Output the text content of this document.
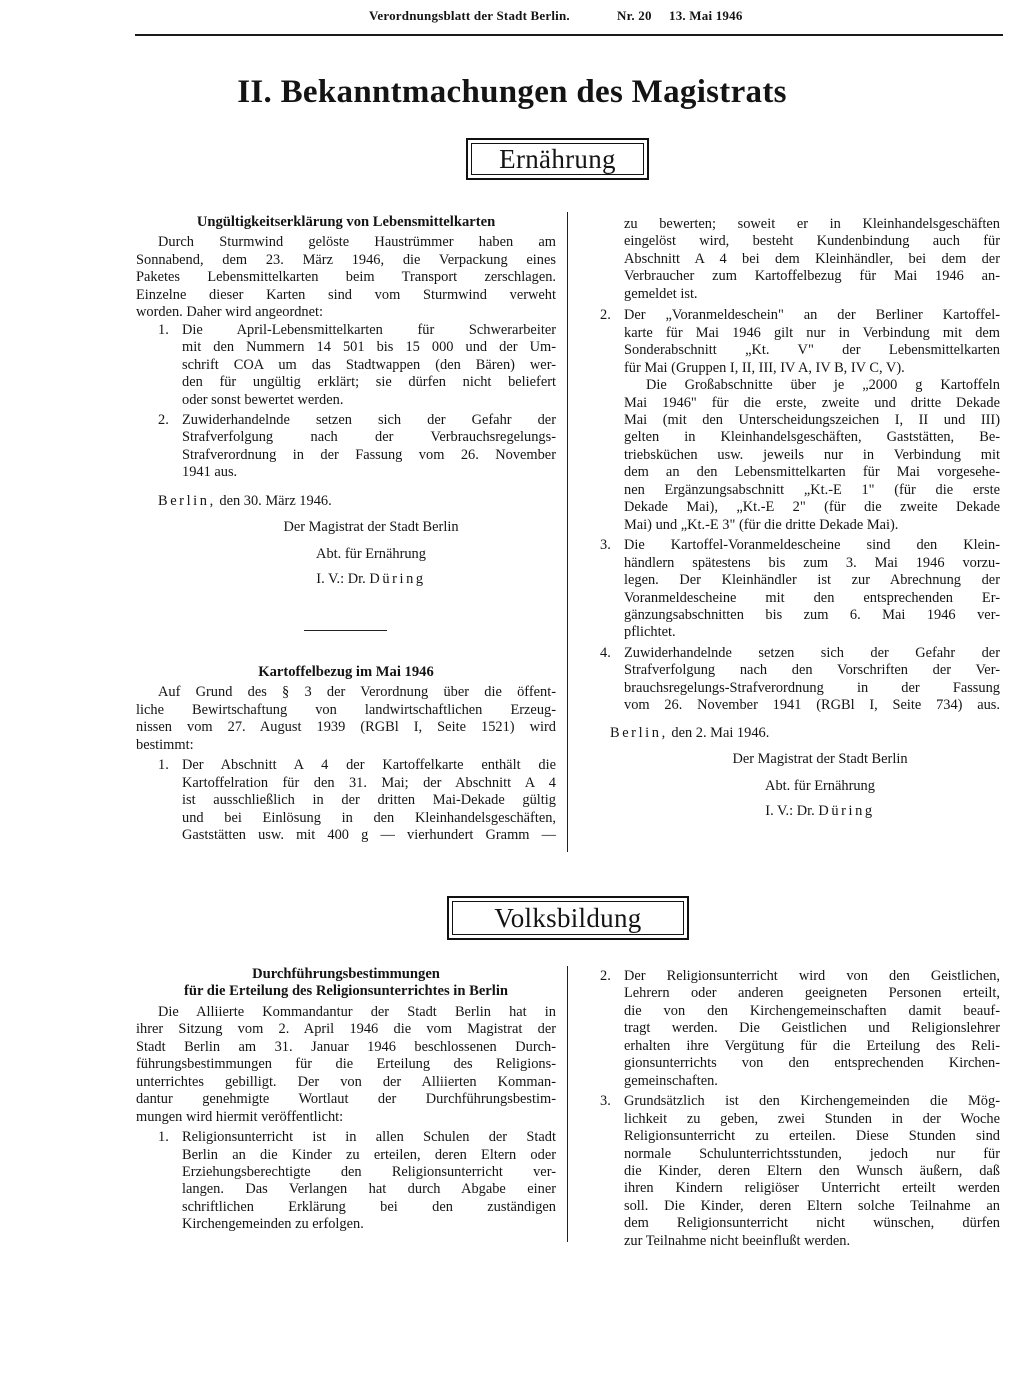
Verordnungsblatt der Stadt Berlin.	Nr. 20 13. Mai 1946
II. Bekanntmachungen des Magistrats
Ernährung

Ungültigkeitserklärung von Lebensmittelkarten

Durch Sturmwind gelöste Haustrümmer haben am

Sonnabend, dem 23. März 1946, die Verpackung eines

Paketes Lebensmittelkarten beim Transport zerschlagen.

Einzelne dieser Karten sind vom Sturmwind verweht

worden. Daher wird angeordnet:

1. Die April-Lebensmittelkarten für Schwerarbeiter

mit den Nummern 14 501 bis 15 000 und der Um-

schrift COA um das Stadtwappen (den Bären) wer-

den für ungültig erklärt; sie dürfen nicht beliefert

oder sonst bewertet werden.

2. Zuwiderhandelnde setzen sich der Gefahr der

Strafverfolgung nach der Verbrauchsregelungs-

Strafverordnung in der Fassung vom 26. November

1941 aus.

Berlin, den 30. März 1946.

Der Magistrat der Stadt Berlin

Abt. für Ernährung

I. V.: Dr. Düring

Kartoffelbezug im Mai 1946

Auf Grund des § 3 der Verordnung über die öffent-

liche Bewirtschaftung von landwirtschaftlichen Erzeug-

nissen vom 27. August 1939 (RGBl I, Seite 1521) wird

bestimmt:

1. Der Abschnitt A 4 der Kartoffelkarte enthält die

Kartoffelration für den 31. Mai; der Abschnitt A 4

ist ausschließlich in der dritten Mai-Dekade gültig

und bei Einlösung in den Kleinhandelsgeschäften,

Gaststätten usw. mit 400 g — vierhundert Gramm —

zu bewerten; soweit er in Kleinhandelsgeschäften

eingelöst wird, besteht Kundenbindung auch für

Abschnitt A 4 bei dem Kleinhändler, bei dem der

Verbraucher zum Kartoffelbezug für Mai 1946 an-

gemeldet ist.

2. Der „Voranmeldeschein" an der Berliner Kartoffel-

karte für Mai 1946 gilt nur in Verbindung mit dem

Sonderabschnitt „Kt. V" der Lebensmittelkarten

für Mai (Gruppen I, II, III, IV A, IV B, IV C, V).

Die Großabschnitte über je „2000 g Kartoffeln

Mai 1946" für die erste, zweite und dritte Dekade

Mai (mit den Unterscheidungszeichen I, II und III)

gelten in Kleinhandelsgeschäften, Gaststätten, Be-

triebsküchen usw. jeweils nur in Verbindung mit

dem an den Lebensmittelkarten für Mai vorgesehe-

nen Ergänzungsabschnitt „Kt.-E 1" (für die erste

Dekade Mai), „Kt.-E 2" (für die zweite Dekade

Mai) und „Kt.-E 3" (für die dritte Dekade Mai).

3. Die Kartoffel-Voranmeldescheine sind den Klein-

händlern spätestens bis zum 3. Mai 1946 vorzu-

legen. Der Kleinhändler ist zur Abrechnung der

Voranmeldescheine mit den entsprechenden Er-

gänzungsabschnitten bis zum 6. Mai 1946 ver-

pflichtet.

4. Zuwiderhandelnde setzen sich der Gefahr der

Strafverfolgung nach den Vorschriften der Ver-

brauchsregelungs-Strafverordnung in der Fassung

vom 26. November 1941 (RGBl I, Seite 734) aus.

Berlin, den 2. Mai 1946.

Der Magistrat der Stadt Berlin

Abt. für Ernährung

I. V.: Dr. Düring

Volksbildung

Durchführungsbestimmungen

für die Erteilung des Religionsunterrichtes in Berlin

Die Alliierte Kommandantur der Stadt Berlin hat in

ihrer Sitzung vom 2. April 1946 die vom Magistrat der

Stadt Berlin am 31. Januar 1946 beschlossenen Durch-

führungsbestimmungen für die Erteilung des Religions-

unterrichtes gebilligt. Der von der Alliierten Komman-

dantur genehmigte Wortlaut der Durchführungsbestim-

mungen wird hiermit veröffentlicht:

1. Religionsunterricht ist in allen Schulen der Stadt

Berlin an die Kinder zu erteilen, deren Eltern oder

Erziehungsberechtigte den Religionsunterricht ver-

langen. Das Verlangen hat durch Abgabe einer

schriftlichen Erklärung bei den zuständigen

Kirchengemeinden zu erfolgen.

2. Der Religionsunterricht wird von den Geistlichen,

Lehrern oder anderen geeigneten Personen erteilt,

die von den Kirchengemeinschaften damit beauf-

tragt werden. Die Geistlichen und Religionslehrer

erhalten ihre Vergütung für die Erteilung des Reli-

gionsunterrichts von den entsprechenden Kirchen-

gemeinschaften.

3. Grundsätzlich ist den Kirchengemeinden die Mög-

lichkeit zu geben, zwei Stunden in der Woche

Religionsunterricht zu erteilen. Diese Stunden sind

normale Schulunterrichtsstunden, jedoch nur für

die Kinder, deren Eltern den Wunsch äußern, daß

ihren Kindern religiöser Unterricht erteilt werden

soll. Die Kinder, deren Eltern solche Teilnahme an

dem Religionsunterricht nicht wünschen, dürfen

zur Teilnahme nicht beeinflußt werden.
